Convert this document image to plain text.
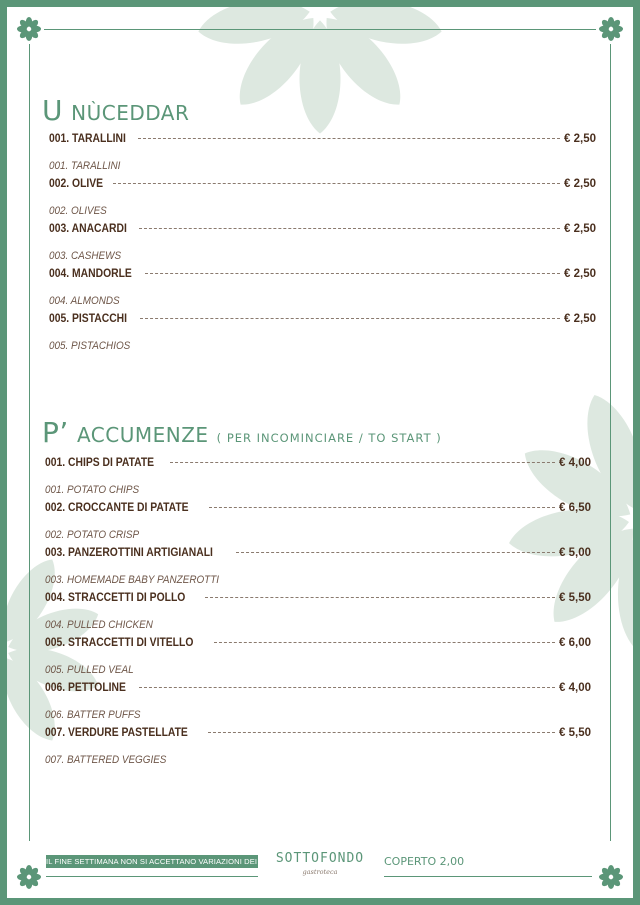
U NÙCEDDAR
001. TARALLINI	€ 2,50
001. TARALLINI
002. OLIVE	€ 2,50
002. OLIVES
003. ANACARDI	€ 2,50
003. CASHEWS
004. MANDORLE	€ 2,50
004. ALMONDS
005. PISTACCHI	€ 2,50
005. PISTACHIOS
P’ ACCUMENZE ( PER INCOMINCIARE / TO START )
001. CHIPS DI PATATE	€ 4,00
001. POTATO CHIPS
002. CROCCANTE DI PATATE	€ 6,50
002. POTATO CRISP
003. PANZEROTTINI ARTIGIANALI	€ 5,00
003. HOMEMADE BABY PANZEROTTI
004. STRACCETTI DI POLLO	€ 5,50
004. PULLED CHICKEN
005. STRACCETTI DI VITELLO	€ 6,00
005. PULLED VEAL
006. PETTOLINE	€ 4,00
006. BATTER PUFFS
007. VERDURE PASTELLATE	€ 5,50
007. BATTERED VEGGIES
IL FINE SETTIMANA NON SI ACCETTANO VARIAZIONI DEI PIATTI
SOTTOFONDO
gastroteca
COPERTO 2,00
